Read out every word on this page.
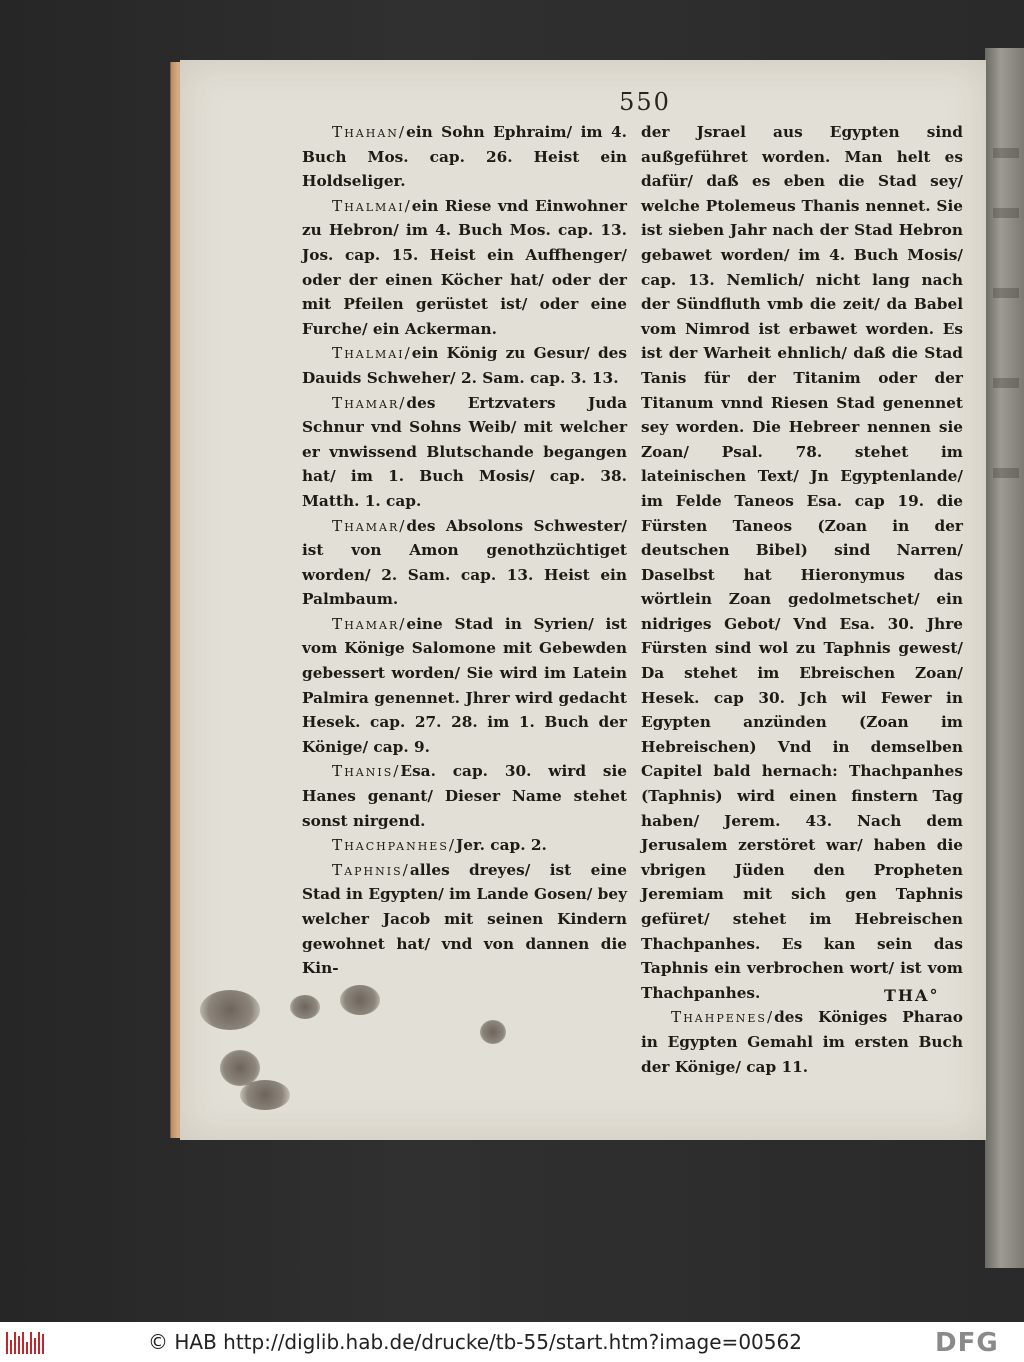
550

Thahan/ein Sohn Ephraim/ im 4. Buch Mos. cap. 26. Heist ein Holdseliger.

Thalmai/ein Riese vnd Einwohner zu Hebron/ im 4. Buch Mos. cap. 13. Jos. cap. 15. Heist ein Auffhenger/ oder der einen Köcher hat/ oder der mit Pfeilen gerüstet ist/ oder eine Furche/ ein Ackerman.

Thalmai/ein König zu Gesur/ des Dauids Schweher/ 2. Sam. cap. 3. 13.

Thamar/des Ertzvaters Juda Schnur vnd Sohns Weib/ mit welcher er vnwissend Blutschande begangen hat/ im 1. Buch Mosis/ cap. 38. Matth. 1. cap.

Thamar/des Absolons Schwester/ ist von Amon genothzüchtiget worden/ 2. Sam. cap. 13. Heist ein Palmbaum.

Thamar/eine Stad in Syrien/ ist vom Könige Salomone mit Gebewden gebessert worden/ Sie wird im Latein Palmira genennet. Jhrer wird gedacht Hesek. cap. 27. 28. im 1. Buch der Könige/ cap. 9.

Thanis/Esa. cap. 30. wird sie Hanes genant/ Dieser Name stehet sonst nirgend.

Thachpanhes/Jer. cap. 2.

Taphnis/alles dreyes/ ist eine Stad in Egypten/ im Lande Gosen/ bey welcher Jacob mit seinen Kindern gewohnet hat/ vnd von dannen die Kin-

der Jsrael aus Egypten sind außgeführet worden. Man helt es dafür/ daß es eben die Stad sey/ welche Ptolemeus Thanis nennet. Sie ist sieben Jahr nach der Stad Hebron gebawet worden/ im 4. Buch Mosis/ cap. 13. Nemlich/ nicht lang nach der Sündfluth vmb die zeit/ da Babel vom Nimrod ist erbawet worden. Es ist der Warheit ehnlich/ daß die Stad Tanis für der Titanim oder der Titanum vnnd Riesen Stad genennet sey worden. Die Hebreer nennen sie Zoan/ Psal. 78. stehet im lateinischen Text/ Jn Egyptenlande/ im Felde Taneos Esa. cap 19. die Fürsten Taneos (Zoan in der deutschen Bibel) sind Narren/ Daselbst hat Hieronymus das wörtlein Zoan gedolmetschet/ ein nidriges Gebot/ Vnd Esa. 30. Jhre Fürsten sind wol zu Taphnis gewest/ Da stehet im Ebreischen Zoan/ Hesek. cap 30. Jch wil Fewer in Egypten anzünden (Zoan im Hebreischen) Vnd in demselben Capitel bald hernach: Thachpanhes (Taphnis) wird einen finstern Tag haben/ Jerem. 43. Nach dem Jerusalem zerstöret war/ haben die vbrigen Jüden den Propheten Jeremiam mit sich gen Taphnis gefüret/ stehet im Hebreischen Thachpanhes. Es kan sein das Taphnis ein verbrochen wort/ ist vom Thachpanhes.

Thahpenes/des Königes Pharao in Egypten Gemahl im ersten Buch der Könige/ cap 11.

THA°
© HAB http://diglib.hab.de/drucke/tb-55/start.htm?image=00562	DFG
